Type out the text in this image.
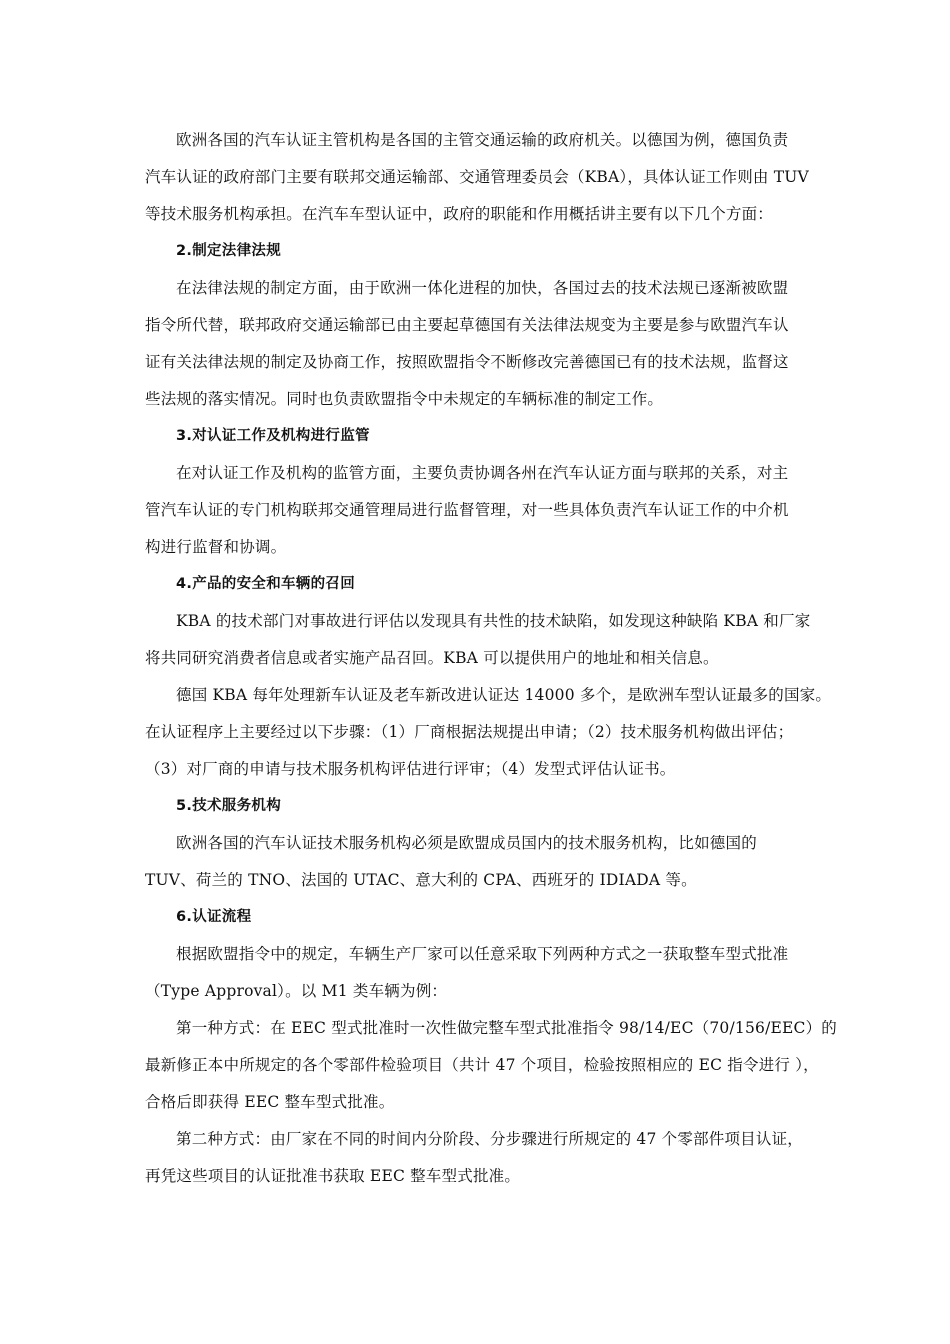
欧洲各国的汽车认证主管机构是各国的主管交通运输的政府机关。以德国为例，德国负责
汽车认证的政府部门主要有联邦交通运输部、交通管理委员会（KBA），具体认证工作则由 TUV
等技术服务机构承担。在汽车车型认证中，政府的职能和作用概括讲主要有以下几个方面：
2.制定法律法规
在法律法规的制定方面，由于欧洲一体化进程的加快，各国过去的技术法规已逐渐被欧盟
指令所代替，联邦政府交通运输部已由主要起草德国有关法律法规变为主要是参与欧盟汽车认
证有关法律法规的制定及协商工作，按照欧盟指令不断修改完善德国已有的技术法规，监督这
些法规的落实情况。同时也负责欧盟指令中未规定的车辆标准的制定工作。
3.对认证工作及机构进行监管
在对认证工作及机构的监管方面，主要负责协调各州在汽车认证方面与联邦的关系，对主
管汽车认证的专门机构联邦交通管理局进行监督管理，对一些具体负责汽车认证工作的中介机
构进行监督和协调。
4.产品的安全和车辆的召回
KBA 的技术部门对事故进行评估以发现具有共性的技术缺陷，如发现这种缺陷 KBA 和厂家
将共同研究消费者信息或者实施产品召回。KBA 可以提供用户的地址和相关信息。
德国 KBA 每年处理新车认证及老车新改进认证达 14000 多个，是欧洲车型认证最多的国家。
在认证程序上主要经过以下步骤：（1）厂商根据法规提出申请；（2）技术服务机构做出评估；
（3）对厂商的申请与技术服务机构评估进行评审；（4）发型式评估认证书。
5.技术服务机构
欧洲各国的汽车认证技术服务机构必须是欧盟成员国内的技术服务机构，比如德国的
TUV、荷兰的 TNO、法国的 UTAC、意大利的 CPA、西班牙的 IDIADA 等。
6.认证流程
根据欧盟指令中的规定，车辆生产厂家可以任意采取下列两种方式之一获取整车型式批准
（Type Approval）。以 M1 类车辆为例：
第一种方式：在 EEC 型式批准时一次性做完整车型式批准指令 98/14/EC（70/156/EEC）的
最新修正本中所规定的各个零部件检验项目（共计 47 个项目，检验按照相应的 EC 指令进行 ），
合格后即获得 EEC 整车型式批准。
第二种方式：由厂家在不同的时间内分阶段、分步骤进行所规定的 47 个零部件项目认证，
再凭这些项目的认证批准书获取 EEC 整车型式批准。
